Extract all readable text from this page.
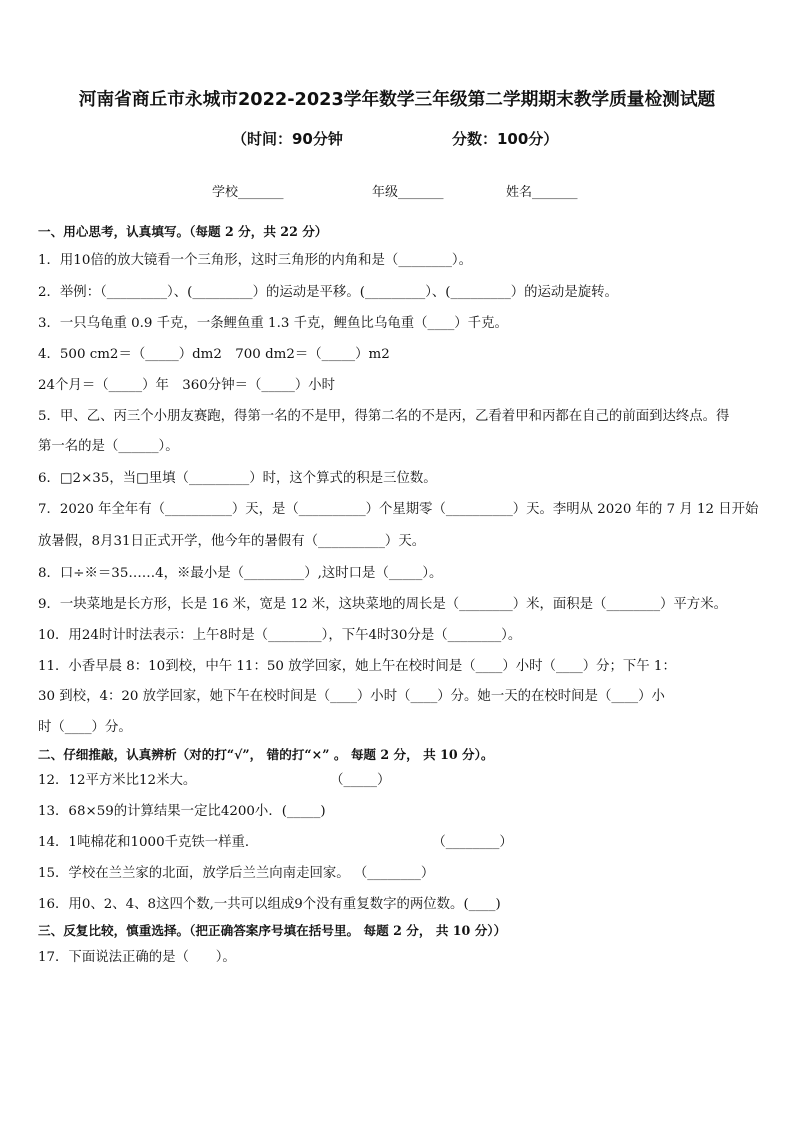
河南省商丘市永城市2022-2023学年数学三年级第二学期期末教学质量检测试题
（时间：90分钟	分数：100分）
学校_______	年级_______	姓名_______
一、用心思考，认真填写。（每题 2 分，共 22 分）
1．用10倍的放大镜看一个三角形，这时三角形的内角和是（________）。
2．举例：（_________）、(_________）的运动是平移。(_________）、(_________）的运动是旋转。
3．一只乌龟重 0.9 千克，一条鲤鱼重 1.3 千克，鲤鱼比乌龟重（____）千克。
4．500 cm2＝（_____）dm2　700 dm2＝（_____）m2
24个月＝（_____）年　360分钟＝（_____）小时
5．甲、乙、丙三个小朋友赛跑，得第一名的不是甲，得第二名的不是丙，乙看着甲和丙都在自己的前面到达终点。得
第一名的是（______）。
6．□2×35，当□里填（_________）时，这个算式的积是三位数。
7．2020 年全年有（__________）天，是（__________）个星期零（__________）天。李明从 2020 年的 7 月 12 日开始
放暑假，8月31日正式开学，他今年的暑假有（__________）天。
8．口÷※＝35……4，※最小是（_________）,这时口是（_____）。
9．一块菜地是长方形，长是 16 米，宽是 12 米，这块菜地的周长是（________）米，面积是（________）平方米。
10．用24时计时法表示：上午8时是（________），下午4时30分是（________）。
11．小香早晨 8：10到校，中午 11：50 放学回家，她上午在校时间是（____）小时（____）分；下午 1：
30 到校，4：20 放学回家，她下午在校时间是（____）小时（____）分。她一天的在校时间是（____）小
时（____）分。
二、仔细推敲，认真辨析（对的打“√”， 错的打“×” 。 每题 2 分， 共 10 分）。
12．12平方米比12米大。　　　　　　　　　　　（_____）
13．68×59的计算结果一定比4200小．(_____)
14．1吨棉花和1000千克铁一样重．　　　　　　　　　　　　　　（________）
15．学校在兰兰家的北面，放学后兰兰向南走回家。 （________）
16．用0、2、4、8这四个数,一共可以组成9个没有重复数字的两位数。(____)
三、反复比较，慎重选择。（把正确答案序号填在括号里。 每题 2 分， 共 10 分））
17．下面说法正确的是（　　）。
